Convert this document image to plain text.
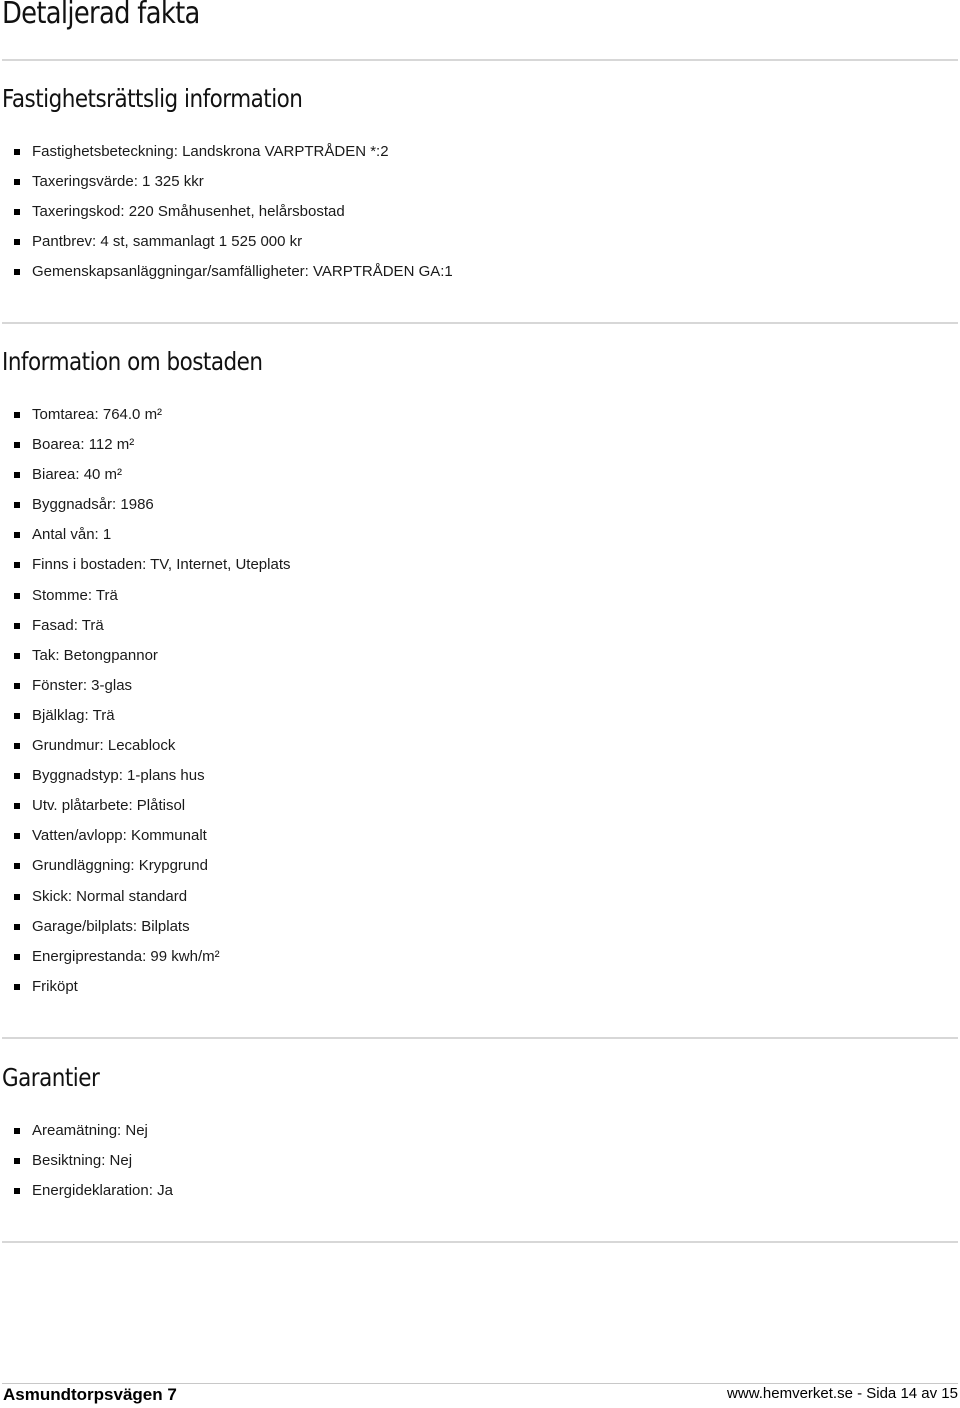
Detaljerad fakta
Fastighetsrättslig information
Fastighetsbeteckning: Landskrona VARPTRÅDEN *:2
Taxeringsvärde: 1 325 kkr
Taxeringskod: 220 Småhusenhet, helårsbostad
Pantbrev: 4 st, sammanlagt 1 525 000 kr
Gemenskapsanläggningar/samfälligheter: VARPTRÅDEN GA:1
Information om bostaden
Tomtarea: 764.0 m²
Boarea: 112 m²
Biarea: 40 m²
Byggnadsår: 1986
Antal vån: 1
Finns i bostaden: TV, Internet, Uteplats
Stomme: Trä
Fasad: Trä
Tak: Betongpannor
Fönster: 3-glas
Bjälklag: Trä
Grundmur: Lecablock
Byggnadstyp: 1-plans hus
Utv. plåtarbete: Plåtisol
Vatten/avlopp: Kommunalt
Grundläggning: Krypgrund
Skick: Normal standard
Garage/bilplats: Bilplats
Energiprestanda: 99 kwh/m²
Friköpt
Garantier
Areamätning: Nej
Besiktning: Nej
Energideklaration: Ja
Asmundtorpsvägen 7	www.hemverket.se - Sida 14 av 15
